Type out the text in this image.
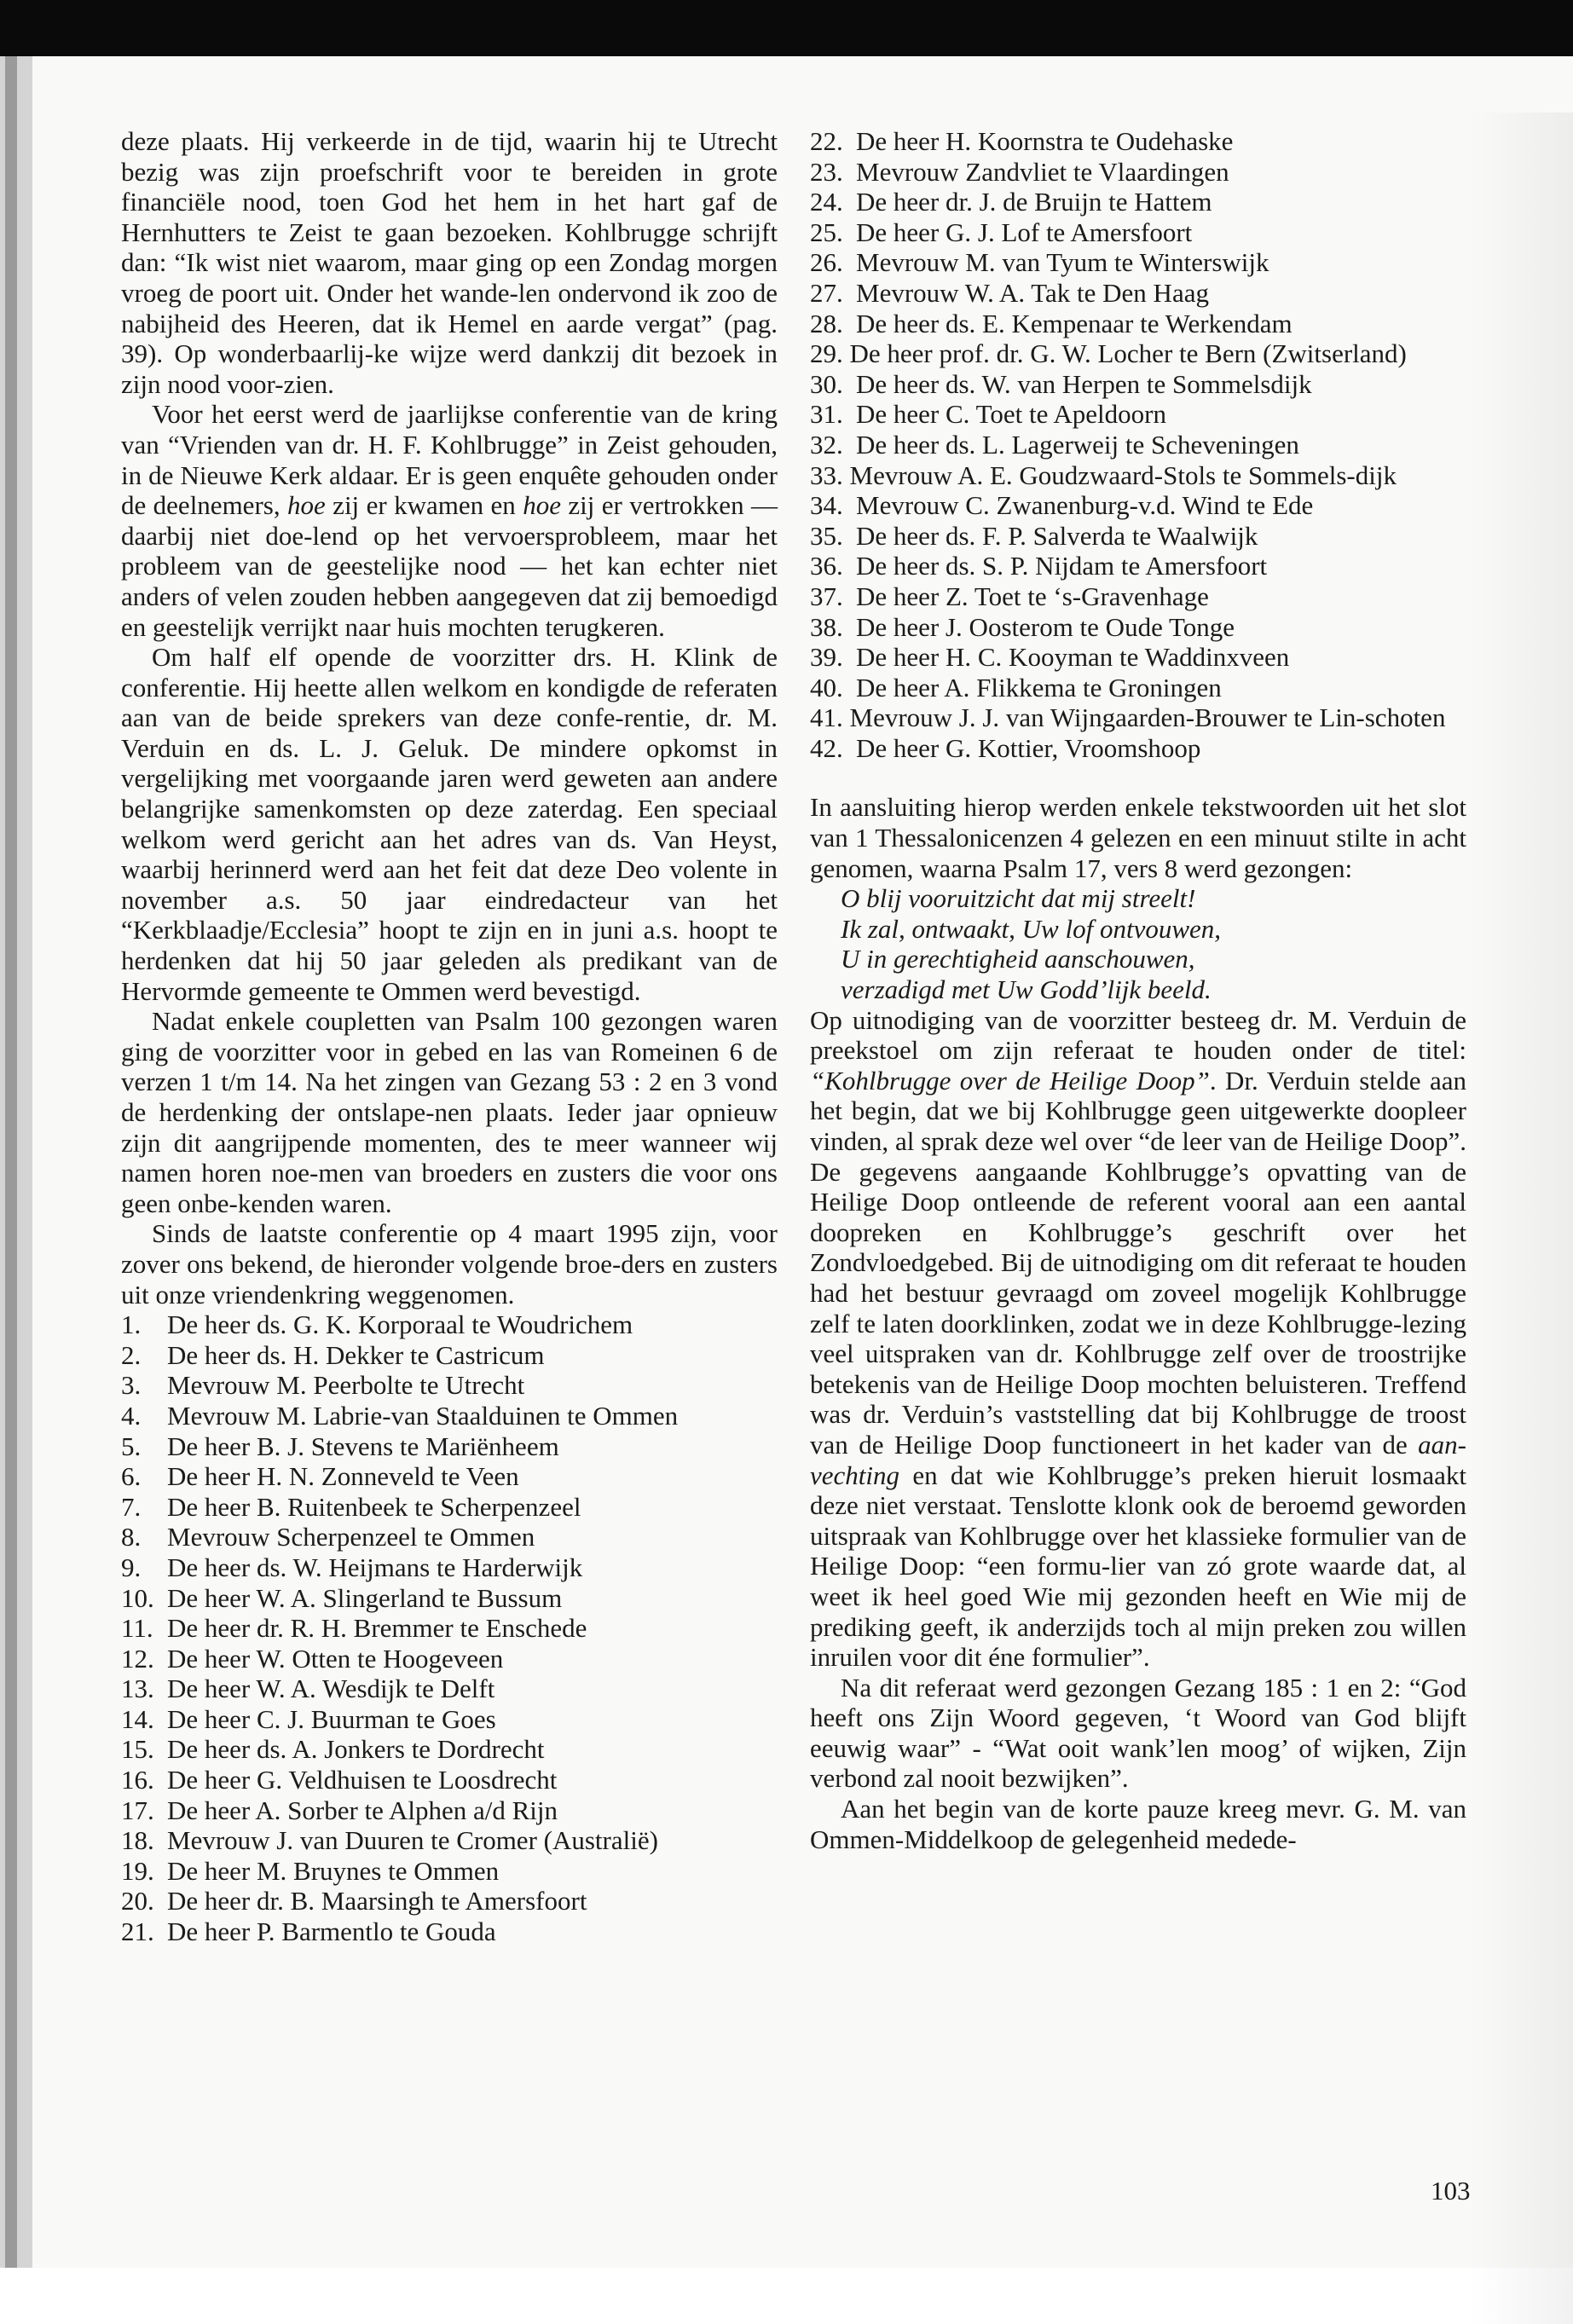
deze plaats. Hij verkeerde in de tijd, waarin hij te Utrecht bezig was zijn proefschrift voor te bereiden in grote financiële nood, toen God het hem in het hart gaf de Hernhutters te Zeist te gaan bezoeken. Kohlbrugge schrijft dan: “Ik wist niet waarom, maar ging op een Zondag morgen vroeg de poort uit. Onder het wande-len ondervond ik zoo de nabijheid des Heeren, dat ik Hemel en aarde vergat” (pag. 39). Op wonderbaarlij-ke wijze werd dankzij dit bezoek in zijn nood voor-zien.

Voor het eerst werd de jaarlijkse conferentie van de kring van “Vrienden van dr. H. F. Kohlbrugge” in Zeist gehouden, in de Nieuwe Kerk aldaar. Er is geen enquête gehouden onder de deelnemers, hoe zij er kwamen en hoe zij er vertrokken — daarbij niet doe-lend op het vervoersprobleem, maar het probleem van de geestelijke nood — het kan echter niet anders of velen zouden hebben aangegeven dat zij bemoedigd en geestelijk verrijkt naar huis mochten terugkeren.

Om half elf opende de voorzitter drs. H. Klink de conferentie. Hij heette allen welkom en kondigde de referaten aan van de beide sprekers van deze confe-rentie, dr. M. Verduin en ds. L. J. Geluk. De mindere opkomst in vergelijking met voorgaande jaren werd geweten aan andere belangrijke samenkomsten op deze zaterdag. Een speciaal welkom werd gericht aan het adres van ds. Van Heyst, waarbij herinnerd werd aan het feit dat deze Deo volente in november a.s. 50 jaar eindredacteur van het “Kerkblaadje/Ecclesia” hoopt te zijn en in juni a.s. hoopt te herdenken dat hij 50 jaar geleden als predikant van de Hervormde gemeente te Ommen werd bevestigd.

Nadat enkele coupletten van Psalm 100 gezongen waren ging de voorzitter voor in gebed en las van Romeinen 6 de verzen 1 t/m 14. Na het zingen van Gezang 53 : 2 en 3 vond de herdenking der ontslape-nen plaats. Ieder jaar opnieuw zijn dit aangrijpende momenten, des te meer wanneer wij namen horen noe-men van broeders en zusters die voor ons geen onbe-kenden waren.

Sinds de laatste conferentie op 4 maart 1995 zijn, voor zover ons bekend, de hieronder volgende broe-ders en zusters uit onze vriendenkring weggenomen.

1. De heer ds. G. K. Korporaal te Woudrichem
2. De heer ds. H. Dekker te Castricum
3. Mevrouw M. Peerbolte te Utrecht
4. Mevrouw M. Labrie-van Staalduinen te Ommen
5. De heer B. J. Stevens te Mariënheem
6. De heer H. N. Zonneveld te Veen
7. De heer B. Ruitenbeek te Scherpenzeel
8. Mevrouw Scherpenzeel te Ommen
9. De heer ds. W. Heijmans te Harderwijk
10. De heer W. A. Slingerland te Bussum
11. De heer dr. R. H. Bremmer te Enschede
12. De heer W. Otten te Hoogeveen
13. De heer W. A. Wesdijk te Delft
14. De heer C. J. Buurman te Goes
15. De heer ds. A. Jonkers te Dordrecht
16. De heer G. Veldhuisen te Loosdrecht
17. De heer A. Sorber te Alphen a/d Rijn
18. Mevrouw J. van Duuren te Cromer (Australië)
19. De heer M. Bruynes te Ommen
20. De heer dr. B. Maarsingh te Amersfoort
21. De heer P. Barmentlo te Gouda
22. De heer H. Koornstra te Oudehaske
23. Mevrouw Zandvliet te Vlaardingen
24. De heer dr. J. de Bruijn te Hattem
25. De heer G. J. Lof te Amersfoort
26. Mevrouw M. van Tyum te Winterswijk
27. Mevrouw W. A. Tak te Den Haag
28. De heer ds. E. Kempenaar te Werkendam
29. De heer prof. dr. G. W. Locher te Bern (Zwitserland)
30. De heer ds. W. van Herpen te Sommelsdijk
31. De heer C. Toet te Apeldoorn
32. De heer ds. L. Lagerweij te Scheveningen
33. Mevrouw A. E. Goudzwaard-Stols te Sommels-dijk
34. Mevrouw C. Zwanenburg-v.d. Wind te Ede
35. De heer ds. F. P. Salverda te Waalwijk
36. De heer ds. S. P. Nijdam te Amersfoort
37. De heer Z. Toet te ‘s-Gravenhage
38. De heer J. Oosterom te Oude Tonge
39. De heer H. C. Kooyman te Waddinxveen
40. De heer A. Flikkema te Groningen
41. Mevrouw J. J. van Wijngaarden-Brouwer te Lin-schoten
42. De heer G. Kottier, Vroomshoop

In aansluiting hierop werden enkele tekstwoorden uit het slot van 1 Thessalonicenzen 4 gelezen en een minuut stilte in acht genomen, waarna Psalm 17, vers 8 werd gezongen:

O blij vooruitzicht dat mij streelt!

Ik zal, ontwaakt, Uw lof ontvouwen,

U in gerechtigheid aanschouwen,

verzadigd met Uw Godd’lijk beeld.

Op uitnodiging van de voorzitter besteeg dr. M. Verduin de preekstoel om zijn referaat te houden onder de titel: “Kohlbrugge over de Heilige Doop”. Dr. Verduin stelde aan het begin, dat we bij Kohlbrugge geen uitgewerkte doopleer vinden, al sprak deze wel over “de leer van de Heilige Doop”. De gegevens aangaande Kohlbrugge’s opvatting van de Heilige Doop ontleende de referent vooral aan een aantal doopreken en Kohlbrugge’s geschrift over het Zondvloedgebed. Bij de uitnodiging om dit referaat te houden had het bestuur gevraagd om zoveel mogelijk Kohlbrugge zelf te laten doorklinken, zodat we in deze Kohlbrugge-lezing veel uitspraken van dr. Kohlbrugge zelf over de troostrijke betekenis van de Heilige Doop mochten beluisteren. Treffend was dr. Verduin’s vaststelling dat bij Kohlbrugge de troost van de Heilige Doop functioneert in het kader van de aan-vechting en dat wie Kohlbrugge’s preken hieruit losmaakt deze niet verstaat. Tenslotte klonk ook de beroemd geworden uitspraak van Kohlbrugge over het klassieke formulier van de Heilige Doop: “een formu-lier van zó grote waarde dat, al weet ik heel goed Wie mij gezonden heeft en Wie mij de prediking geeft, ik anderzijds toch al mijn preken zou willen inruilen voor dit éne formulier”.

Na dit referaat werd gezongen Gezang 185 : 1 en 2: “God heeft ons Zijn Woord gegeven, ‘t Woord van God blijft eeuwig waar” - “Wat ooit wank’len moog’ of wijken, Zijn verbond zal nooit bezwijken”.

Aan het begin van de korte pauze kreeg mevr. G. M. van Ommen-Middelkoop de gelegenheid medede-

103
